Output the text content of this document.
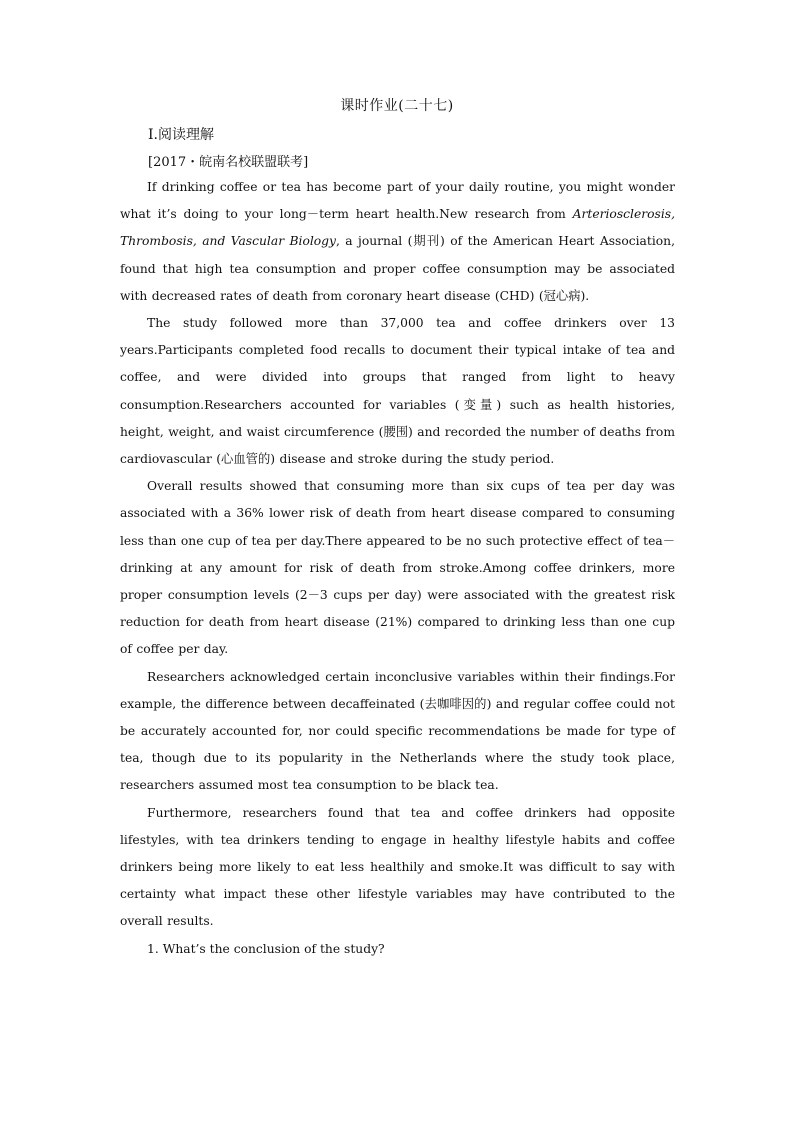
课时作业(二十七)
Ⅰ.阅读理解
[2017・皖南名校联盟联考]

If drinking coffee or tea has become part of your daily routine, you might wonder what it’s doing to your long－term heart health.New research from Arteriosclerosis, Thrombosis, and Vascular Biology, a journal (期刊) of the American Heart Association, found that high tea consumption and proper coffee consumption may be associated with decreased rates of death from coronary heart disease (CHD) (冠心病).

The study followed more than 37,000 tea and coffee drinkers over 13 years.Participants completed food recalls to document their typical intake of tea and coffee, and were divided into groups that ranged from light to heavy consumption.Researchers accounted for variables (变量) such as health histories, height, weight, and waist circumference (腰围) and recorded the number of deaths from cardiovascular (心血管的) disease and stroke during the study period.

Overall results showed that consuming more than six cups of tea per day was associated with a 36% lower risk of death from heart disease compared to consuming less than one cup of tea per day.There appeared to be no such protective effect of tea－drinking at any amount for risk of death from stroke.Among coffee drinkers, more proper consumption levels (2－3 cups per day) were associated with the greatest risk reduction for death from heart disease (21%) compared to drinking less than one cup of coffee per day.

Researchers acknowledged certain inconclusive variables within their findings.For example, the difference between decaffeinated (去咖啡因的) and regular coffee could not be accurately accounted for, nor could specific recommendations be made for type of tea, though due to its popularity in the Netherlands where the study took place, researchers assumed most tea consumption to be black tea.

Furthermore, researchers found that tea and coffee drinkers had opposite lifestyles, with tea drinkers tending to engage in healthy lifestyle habits and coffee drinkers being more likely to eat less healthily and smoke.It was difficult to say with certainty what impact these other lifestyle variables may have contributed to the overall results.

1. What’s the conclusion of the study?
